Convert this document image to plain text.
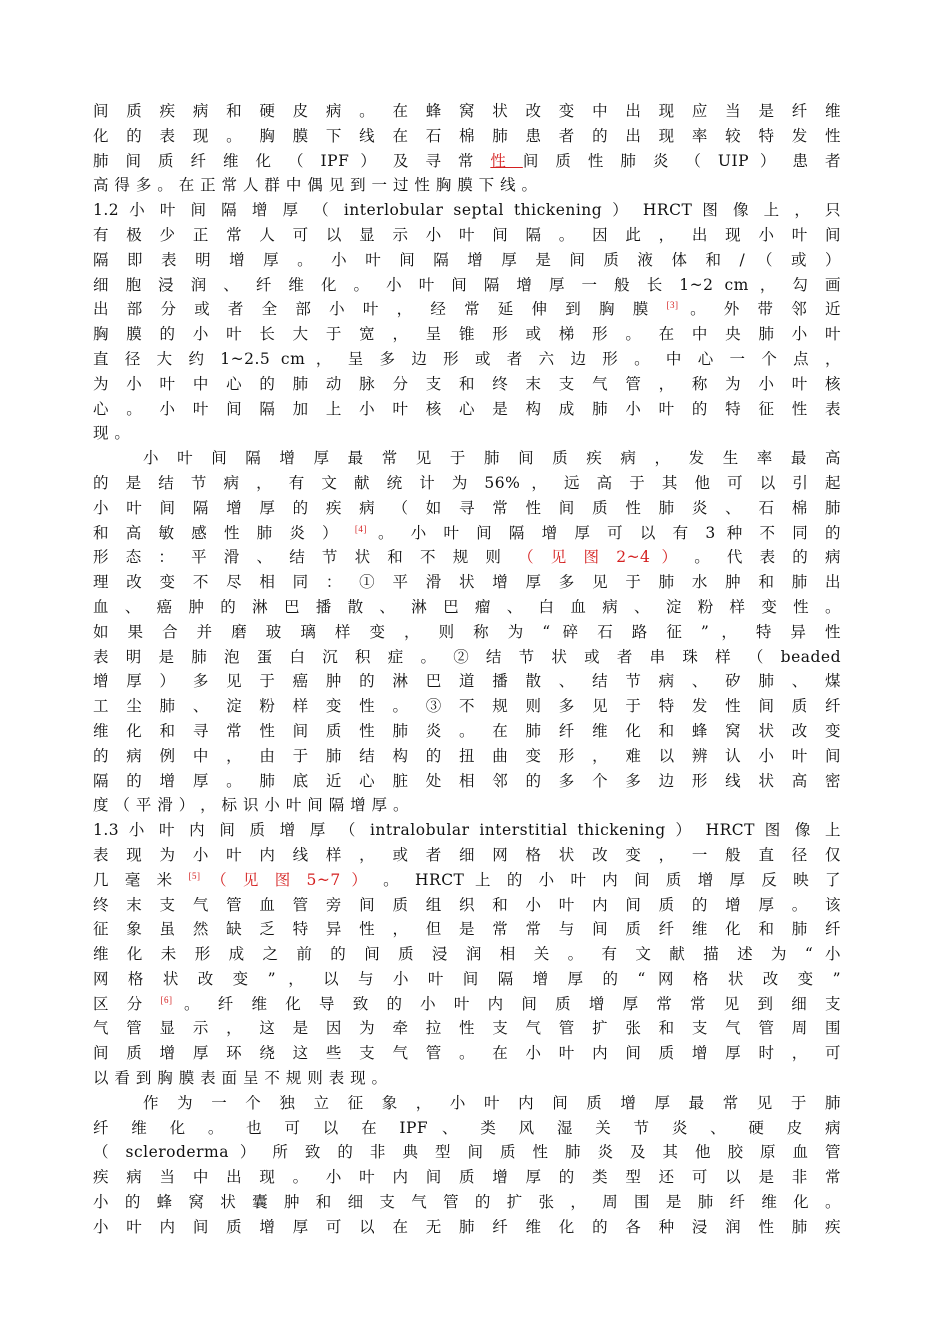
间 质 疾 病 和 硬 皮 病 。 在 蜂 窝 状 改 变 中 出 现 应 当 是 纤 维
化 的 表 现 。 胸 膜 下 线 在 石 棉 肺 患 者 的 出 现 率 较 特 发 性
肺 间 质 纤 维 化 （ IPF ） 及 寻 常 性 间 质 性 肺 炎 （ UIP ） 患 者
高 得 多 。 在 正 常 人 群 中 偶 见 到 一 过 性 胸 膜 下 线 。
1.2 小 叶 间 隔 增 厚 （ interlobular septal thickening ） HRCT 图 像 上 ， 只
有 极 少 正 常 人 可 以 显 示 小 叶 间 隔 。 因 此 ， 出 现 小 叶 间
隔 即 表 明 增 厚 。 小 叶 间 隔 增 厚 是 间 质 液 体 和 / （ 或 ）
细 胞 浸 润 、 纤 维 化 。 小 叶 间 隔 增 厚 一 般 长 1~2 cm ， 勾 画
出 部 分 或 者 全 部 小 叶 ， 经 常 延 伸 到 胸 膜 [3] 。 外 带 邻 近
胸 膜 的 小 叶 长 大 于 宽 ， 呈 锥 形 或 梯 形 。 在 中 央 肺 小 叶
直 径 大 约 1~2.5 cm ， 呈 多 边 形 或 者 六 边 形 。 中 心 一 个 点 ，
为 小 叶 中 心 的 肺 动 脉 分 支 和 终 末 支 气 管 ， 称 为 小 叶 核
心 。 小 叶 间 隔 加 上 小 叶 核 心 是 构 成 肺 小 叶 的 特 征 性 表
现 。
小 叶 间 隔 增 厚 最 常 见 于 肺 间 质 疾 病 ， 发 生 率 最 高
的 是 结 节 病 ， 有 文 献 统 计 为 56% ， 远 高 于 其 他 可 以 引 起
小 叶 间 隔 增 厚 的 疾 病 （ 如 寻 常 性 间 质 性 肺 炎 、 石 棉 肺
和 高 敏 感 性 肺 炎 ） [4] 。 小 叶 间 隔 增 厚 可 以 有 3 种 不 同 的
形 态 ： 平 滑 、 结 节 状 和 不 规 则 （ 见 图 2~4 ） 。 代 表 的 病
理 改 变 不 尽 相 同 ： ① 平 滑 状 增 厚 多 见 于 肺 水 肿 和 肺 出
血 、 癌 肿 的 淋 巴 播 散 、 淋 巴 瘤 、 白 血 病 、 淀 粉 样 变 性 。
如 果 合 并 磨 玻 璃 样 变 ， 则 称 为 “ 碎 石 路 征 ” ， 特 异 性
表 明 是 肺 泡 蛋 白 沉 积 症 。 ② 结 节 状 或 者 串 珠 样 （ beaded
增 厚 ） 多 见 于 癌 肿 的 淋 巴 道 播 散 、 结 节 病 、 矽 肺 、 煤
工 尘 肺 、 淀 粉 样 变 性 。 ③ 不 规 则 多 见 于 特 发 性 间 质 纤
维 化 和 寻 常 性 间 质 性 肺 炎 。 在 肺 纤 维 化 和 蜂 窝 状 改 变
的 病 例 中 ， 由 于 肺 结 构 的 扭 曲 变 形 ， 难 以 辨 认 小 叶 间
隔 的 增 厚 。 肺 底 近 心 脏 处 相 邻 的 多 个 多 边 形 线 状 高 密
度 （ 平 滑 ） ， 标 识 小 叶 间 隔 增 厚 。
1.3 小 叶 内 间 质 增 厚 （ intralobular interstitial thickening ） HRCT 图 像 上
表 现 为 小 叶 内 线 样 ， 或 者 细 网 格 状 改 变 ， 一 般 直 径 仅
几 毫 米 [5] （ 见 图 5~7 ） 。 HRCT 上 的 小 叶 内 间 质 增 厚 反 映 了
终 末 支 气 管 血 管 旁 间 质 组 织 和 小 叶 内 间 质 的 增 厚 。 该
征 象 虽 然 缺 乏 特 异 性 ， 但 是 常 常 与 间 质 纤 维 化 和 肺 纤
维 化 未 形 成 之 前 的 间 质 浸 润 相 关 。 有 文 献 描 述 为 “ 小
网 格 状 改 变 ” ， 以 与 小 叶 间 隔 增 厚 的 “ 网 格 状 改 变 ”
区 分 [6] 。 纤 维 化 导 致 的 小 叶 内 间 质 增 厚 常 常 见 到 细 支
气 管 显 示 ， 这 是 因 为 牵 拉 性 支 气 管 扩 张 和 支 气 管 周 围
间 质 增 厚 环 绕 这 些 支 气 管 。 在 小 叶 内 间 质 增 厚 时 ， 可
以 看 到 胸 膜 表 面 呈 不 规 则 表 现 。
作 为 一 个 独 立 征 象 ， 小 叶 内 间 质 增 厚 最 常 见 于 肺
纤 维 化 。 也 可 以 在 IPF 、 类 风 湿 关 节 炎 、 硬 皮 病
（ scleroderma ） 所 致 的 非 典 型 间 质 性 肺 炎 及 其 他 胶 原 血 管
疾 病 当 中 出 现 。 小 叶 内 间 质 增 厚 的 类 型 还 可 以 是 非 常
小 的 蜂 窝 状 囊 肿 和 细 支 气 管 的 扩 张 ， 周 围 是 肺 纤 维 化 。
小 叶 内 间 质 增 厚 可 以 在 无 肺 纤 维 化 的 各 种 浸 润 性 肺 疾
